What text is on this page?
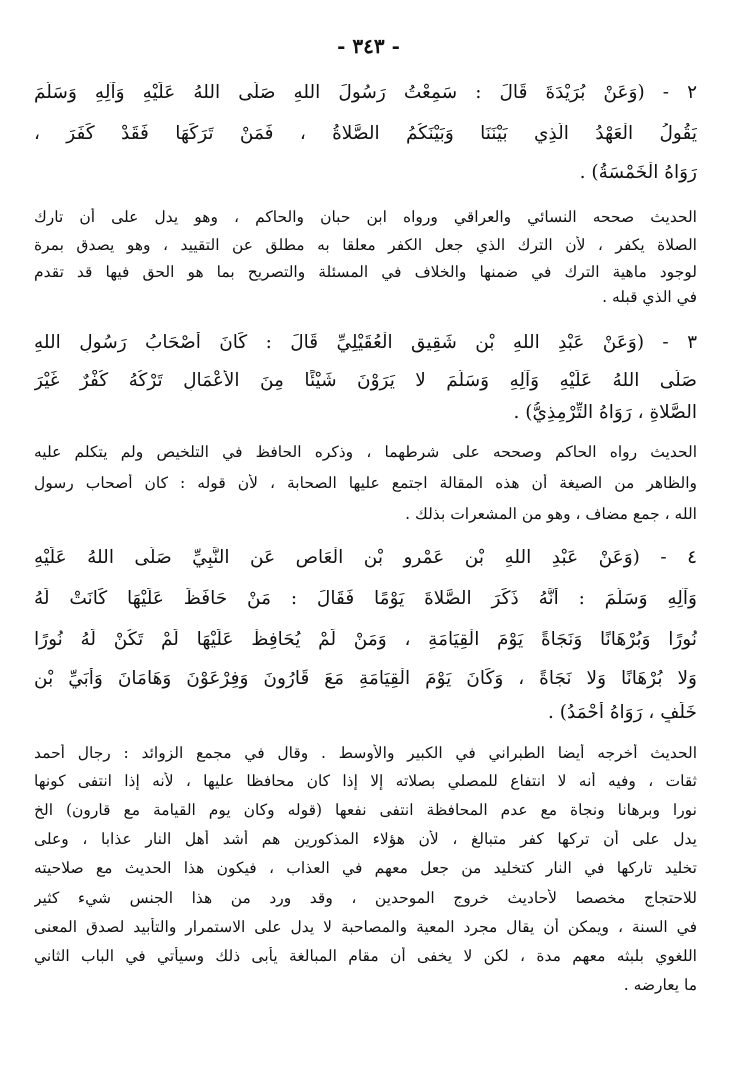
- ٣٤٣ -
٢ - (وَعَنْ بُرَيْدَةَ قَالَ : سَمِعْتُ رَسُولَ اللهِ صَلَّى اللهُ عَلَيْهِ وَآلِهِ وَسَلَّمَ
يَقُولُ الْعَهْدُ الَّذِي بَيْنَنَا وَبَيْنَكُمُ الصَّلاةُ ، فَمَنْ تَرَكَهَا فَقَدْ كَفَرَ ،
رَوَاهُ الْخَمْسَةُ) .
الحديث صححه النسائي والعراقي ورواه ابن حبان والحاكم ، وهو يدل على أن تارك
الصلاة يكفر ، لأن الترك الذي جعل الكفر معلقا به مطلق عن التقييد ، وهو يصدق بمرة
لوجود ماهية الترك في ضمنها والخلاف في المسئلة والتصريح بما هو الحق فيها قد تقدم
في الذي قبله .
٣ - (وَعَنْ عَبْدِ اللهِ بْنِ شَقِيقٍ الْعُقَيْلِيِّ قَالَ : كَانَ أَصْحَابُ رَسُولِ اللهِ
صَلَّى اللهُ عَلَيْهِ وَآلِهِ وَسَلَّمَ لا يَرَوْنَ شَيْئًا مِنَ الأَعْمَالِ تَرْكُهُ كُفْرٌ غَيْرَ
الصَّلاةِ ، رَوَاهُ التِّرْمِذِيُّ) .
الحديث رواه الحاكم وصححه على شرطهما ، وذكره الحافظ في التلخيص ولم يتكلم عليه
والظاهر من الصيغة أن هذه المقالة اجتمع عليها الصحابة ، لأن قوله : كان أصحاب رسول
الله ، جمع مضاف ، وهو من المشعرات بذلك .
٤ - (وَعَنْ عَبْدِ اللهِ بْنِ عَمْرِو بْنِ الْعَاصِ عَنِ النَّبِيِّ صَلَّى اللهُ عَلَيْهِ
وَآلِهِ وَسَلَّمَ : أَنَّهُ ذَكَرَ الصَّلاةَ يَوْمًا فَقَالَ : مَنْ حَافَظَ عَلَيْهَا كَانَتْ لَهُ
نُورًا وَبُرْهَانًا وَنَجَاةً يَوْمَ الْقِيَامَةِ ، وَمَنْ لَمْ يُحَافِظْ عَلَيْهَا لَمْ تَكُنْ لَهُ نُورًا
وَلا بُرْهَانًا وَلا نَجَاةً ، وَكَانَ يَوْمَ الْقِيَامَةِ مَعَ قَارُونَ وَفِرْعَوْنَ وَهَامَانَ وَأُبَيِّ بْنِ
خَلَفٍ ، رَوَاهُ أَحْمَدُ) .
الحديث أخرجه أيضا الطبراني في الكبير والأوسط . وقال في مجمع الزوائد : رجال أحمد
ثقات ، وفيه أنه لا انتفاع للمصلي بصلاته إلا إذا كان محافظا عليها ، لأنه إذا انتفى كونها
نورا وبرهانا ونجاة مع عدم المحافظة انتفى نفعها (قوله وكان يوم القيامة مع قارون) الخ
يدل على أن تركها كفر متبالغ ، لأن هؤلاء المذكورين هم أشد أهل النار عذابا ، وعلى
تخليد تاركها في النار كتخليد من جعل معهم في العذاب ، فيكون هذا الحديث مع صلاحيته
للاحتجاج مخصصا لأحاديث خروج الموحدين ، وقد ورد من هذا الجنس شيء كثير
في السنة ، ويمكن أن يقال مجرد المعية والمصاحبة لا يدل على الاستمرار والتأبيد لصدق المعنى
اللغوي بلبثه معهم مدة ، لكن لا يخفى أن مقام المبالغة يأبى ذلك وسيأتي في الباب الثاني
ما يعارضه .
